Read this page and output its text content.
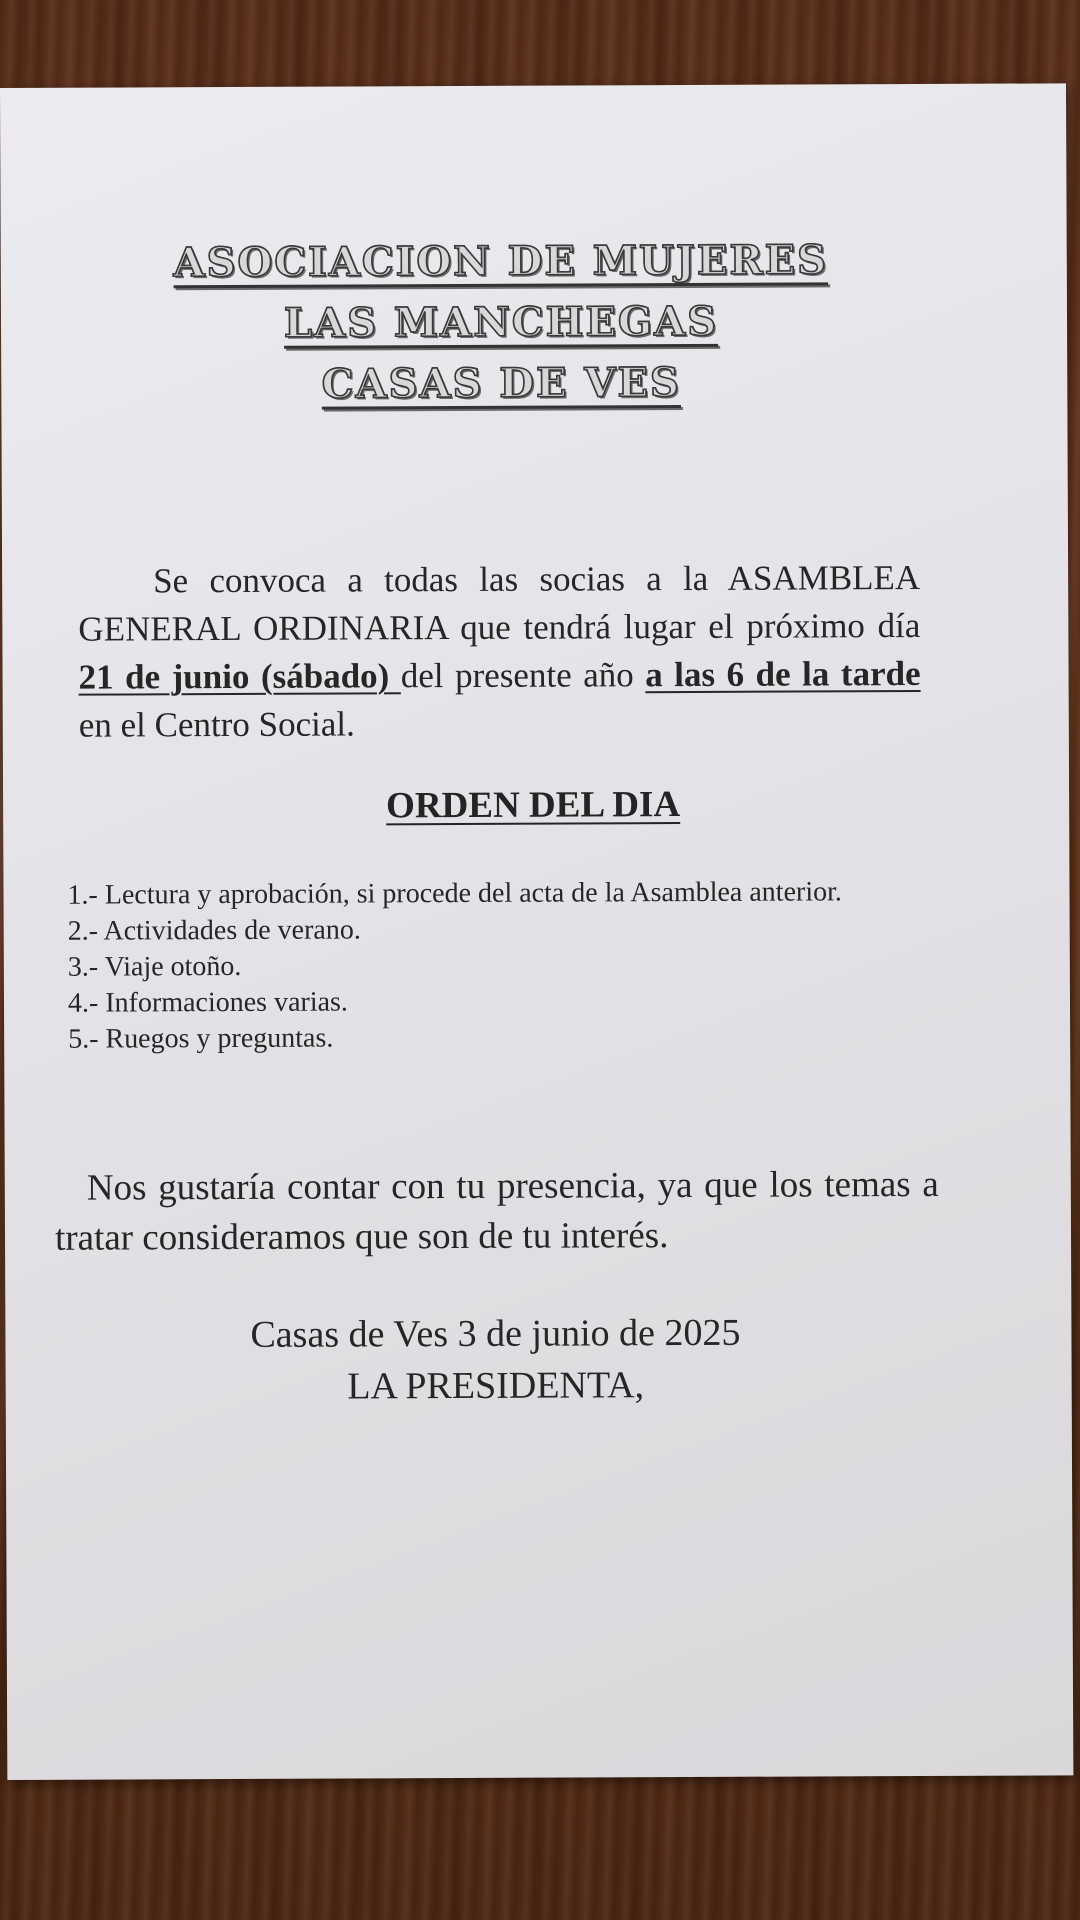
ASOCIACION DE MUJERES
LAS MANCHEGAS
CASAS DE VES
Se convoca a todas las socias a la ASAMBLEA GENERAL ORDINARIA que tendrá lugar el próximo día 21 de junio (sábado) del presente año a las 6 de la tarde en el Centro Social.
ORDEN DEL DIA
1.- Lectura y aprobación, si procede del acta de la Asamblea anterior.
2.- Actividades de verano.
3.- Viaje otoño.
4.- Informaciones varias.
5.- Ruegos y preguntas.
Nos gustaría contar con tu presencia, ya que los temas a tratar consideramos que son de tu interés.
Casas de Ves 3 de junio de 2025
LA PRESIDENTA,
